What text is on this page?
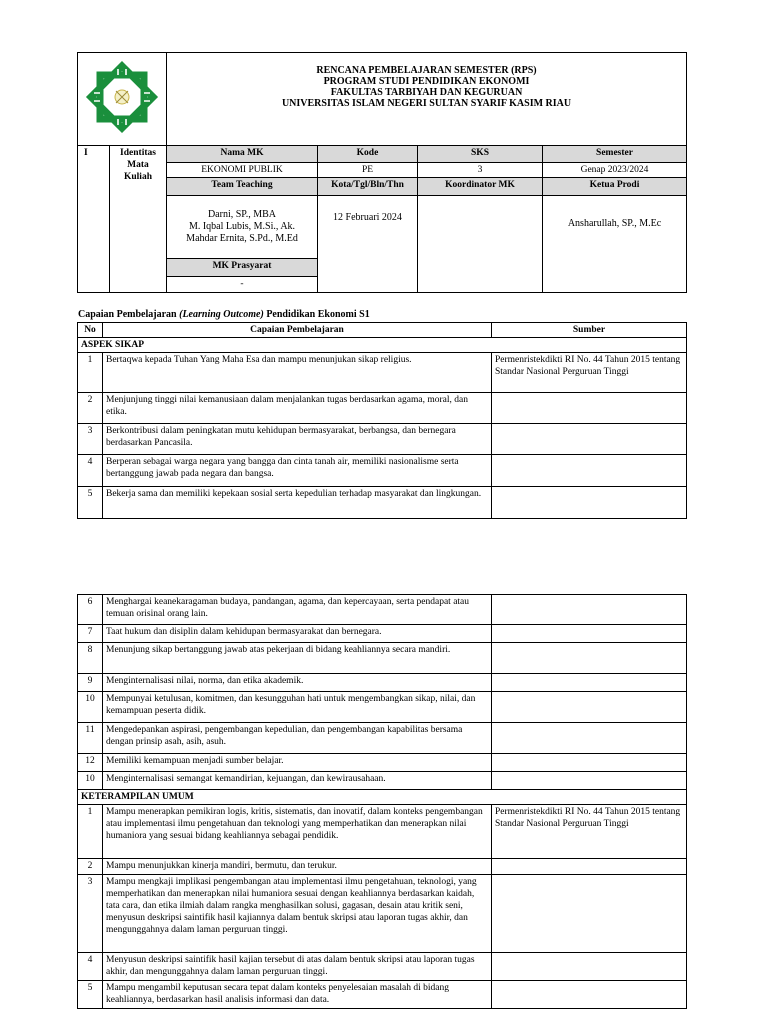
RENCANA PEMBELAJARAN SEMESTER (RPS)
PROGRAM STUDI PENDIDIKAN EKONOMI
FAKULTAS TARBIYAH DAN KEGURUAN
UNIVERSITAS ISLAM NEGERI SULTAN SYARIF KASIM RIAU			

I	Identitas Mata Kuliah	Nama MK	Kode	SKS	Semester
		EKONOMI PUBLIK	PE	3	Genap 2023/2024
		Team Teaching	Kota/Tgl/Bln/Thn	Koordinator MK	Ketua Prodi

		Darni, SP., MBA
M. Iqbal Lubis, M.Si., Ak.
Mahdar Ernita, S.Pd., M.Ed	12 Februari 2024		Ansharullah, SP., M.Ec
		MK Prasyarat			
		-			
Capaian Pembelajaran (Learning Outcome) Pendidikan Ekonomi S1
No	Capaian Pembelajaran	Sumber
ASPEK SIKAP		
1	Bertaqwa kepada Tuhan Yang Maha Esa dan mampu menunjukan sikap religius.	Permenristekdikti RI No. 44 Tahun 2015 tentang Standar Nasional Perguruan Tinggi
2	Menjunjung tinggi nilai kemanusiaan dalam menjalankan tugas berdasarkan agama, moral, dan etika.	
3	Berkontribusi dalam peningkatan mutu kehidupan bermasyarakat, berbangsa, dan bernegara berdasarkan Pancasila.	
4	Berperan sebagai warga negara yang bangga dan cinta tanah air, memiliki nasionalisme serta bertanggung jawab pada negara dan bangsa.	
5	Bekerja sama dan memiliki kepekaan sosial serta kepedulian terhadap masyarakat dan lingkungan.	
6	Menghargai keanekaragaman budaya, pandangan, agama, dan kepercayaan, serta pendapat atau temuan orisinal orang lain.	
7	Taat hukum dan disiplin dalam kehidupan bermasyarakat dan bernegara.	
8	Menunjung sikap bertanggung jawab atas pekerjaan di bidang keahliannya secara mandiri.	
9	Menginternalisasi nilai, norma, dan etika akademik.	
10	Mempunyai ketulusan, komitmen, dan kesungguhan hati untuk mengembangkan sikap, nilai, dan kemampuan peserta didik.	
11	Mengedepankan aspirasi, pengembangan kepedulian, dan pengembangan kapabilitas bersama dengan prinsip asah, asih, asuh.	
12	Memiliki kemampuan menjadi sumber belajar.	
10	Menginternalisasi semangat kemandirian, kejuangan, dan kewirausahaan.	
KETERAMPILAN UMUM		
1	Mampu menerapkan pemikiran logis, kritis, sistematis, dan inovatif, dalam konteks pengembangan atau implementasi ilmu pengetahuan dan teknologi yang memperhatikan dan menerapkan nilai humaniora yang sesuai bidang keahliannya sebagai pendidik.	Permenristekdikti RI No. 44 Tahun 2015 tentang Standar Nasional Perguruan Tinggi
2	Mampu menunjukkan kinerja mandiri, bermutu, dan terukur.	
3	Mampu mengkaji implikasi pengembangan atau implementasi ilmu pengetahuan, teknologi, yang memperhatikan dan menerapkan nilai humaniora sesuai dengan keahliannya berdasarkan kaidah, tata cara, dan etika ilmiah dalam rangka menghasilkan solusi, gagasan, desain atau kritik seni, menyusun deskripsi saintifik hasil kajiannya dalam bentuk skripsi atau laporan tugas akhir, dan mengunggahnya dalam laman perguruan tinggi.	
4	Menyusun deskripsi saintifik hasil kajian tersebut di atas dalam bentuk skripsi atau laporan tugas akhir, dan mengunggahnya dalam laman perguruan tinggi.	
5	Mampu mengambil keputusan secara tepat dalam konteks penyelesaian masalah di bidang keahliannya, berdasarkan hasil analisis informasi dan data.	
